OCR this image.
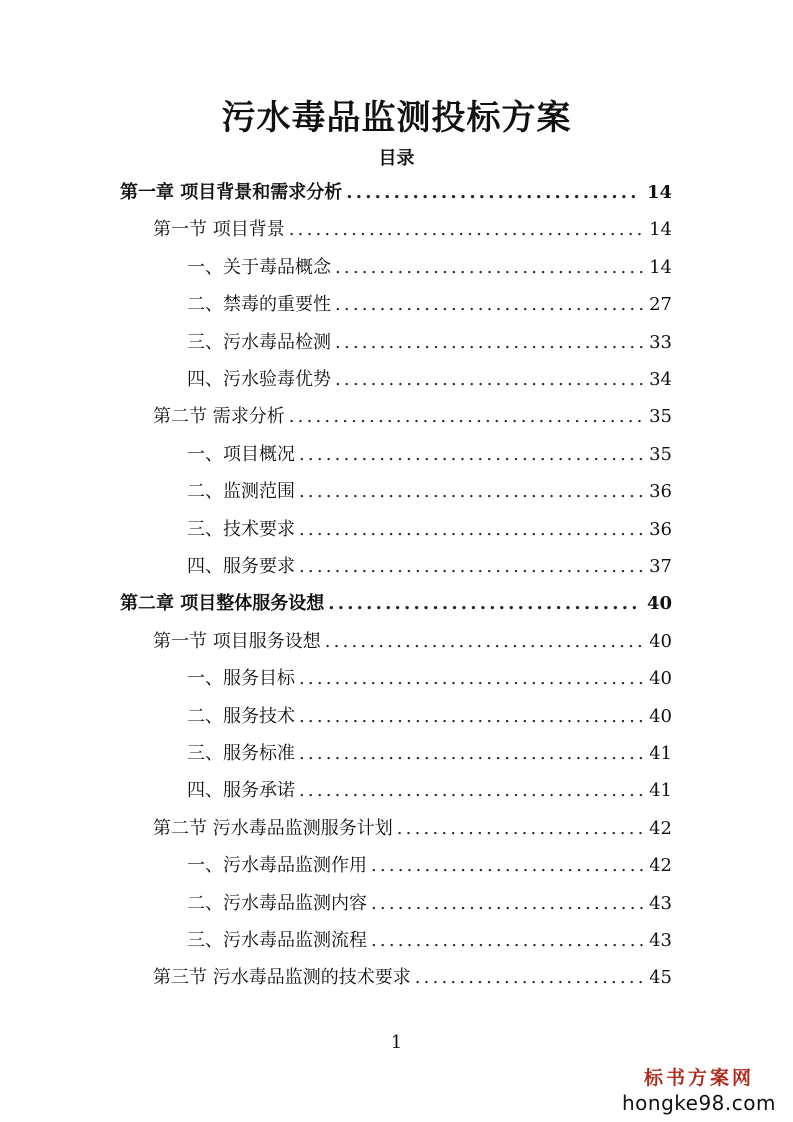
污水毒品监测投标方案
目录
第一章 项目背景和需求分析 .....	14
第一节 项目背景 .....	14
一、关于毒品概念 .....	14
二、禁毒的重要性 .....	27
三、污水毒品检测 .....	33
四、污水验毒优势 .....	34
第二节 需求分析 .....	35
一、项目概况 .....	35
二、监测范围 .....	36
三、技术要求 .....	36
四、服务要求 .....	37
第二章 项目整体服务设想 .....	40
第一节 项目服务设想 .....	40
一、服务目标 .....	40
二、服务技术 .....	40
三、服务标准 .....	41
四、服务承诺 .....	41
第二节 污水毒品监测服务计划 .....	42
一、污水毒品监测作用 .....	42
二、污水毒品监测内容 .....	43
三、污水毒品监测流程 .....	43
第三节 污水毒品监测的技术要求 .....	45
1
标书方案网
hongke98.com
